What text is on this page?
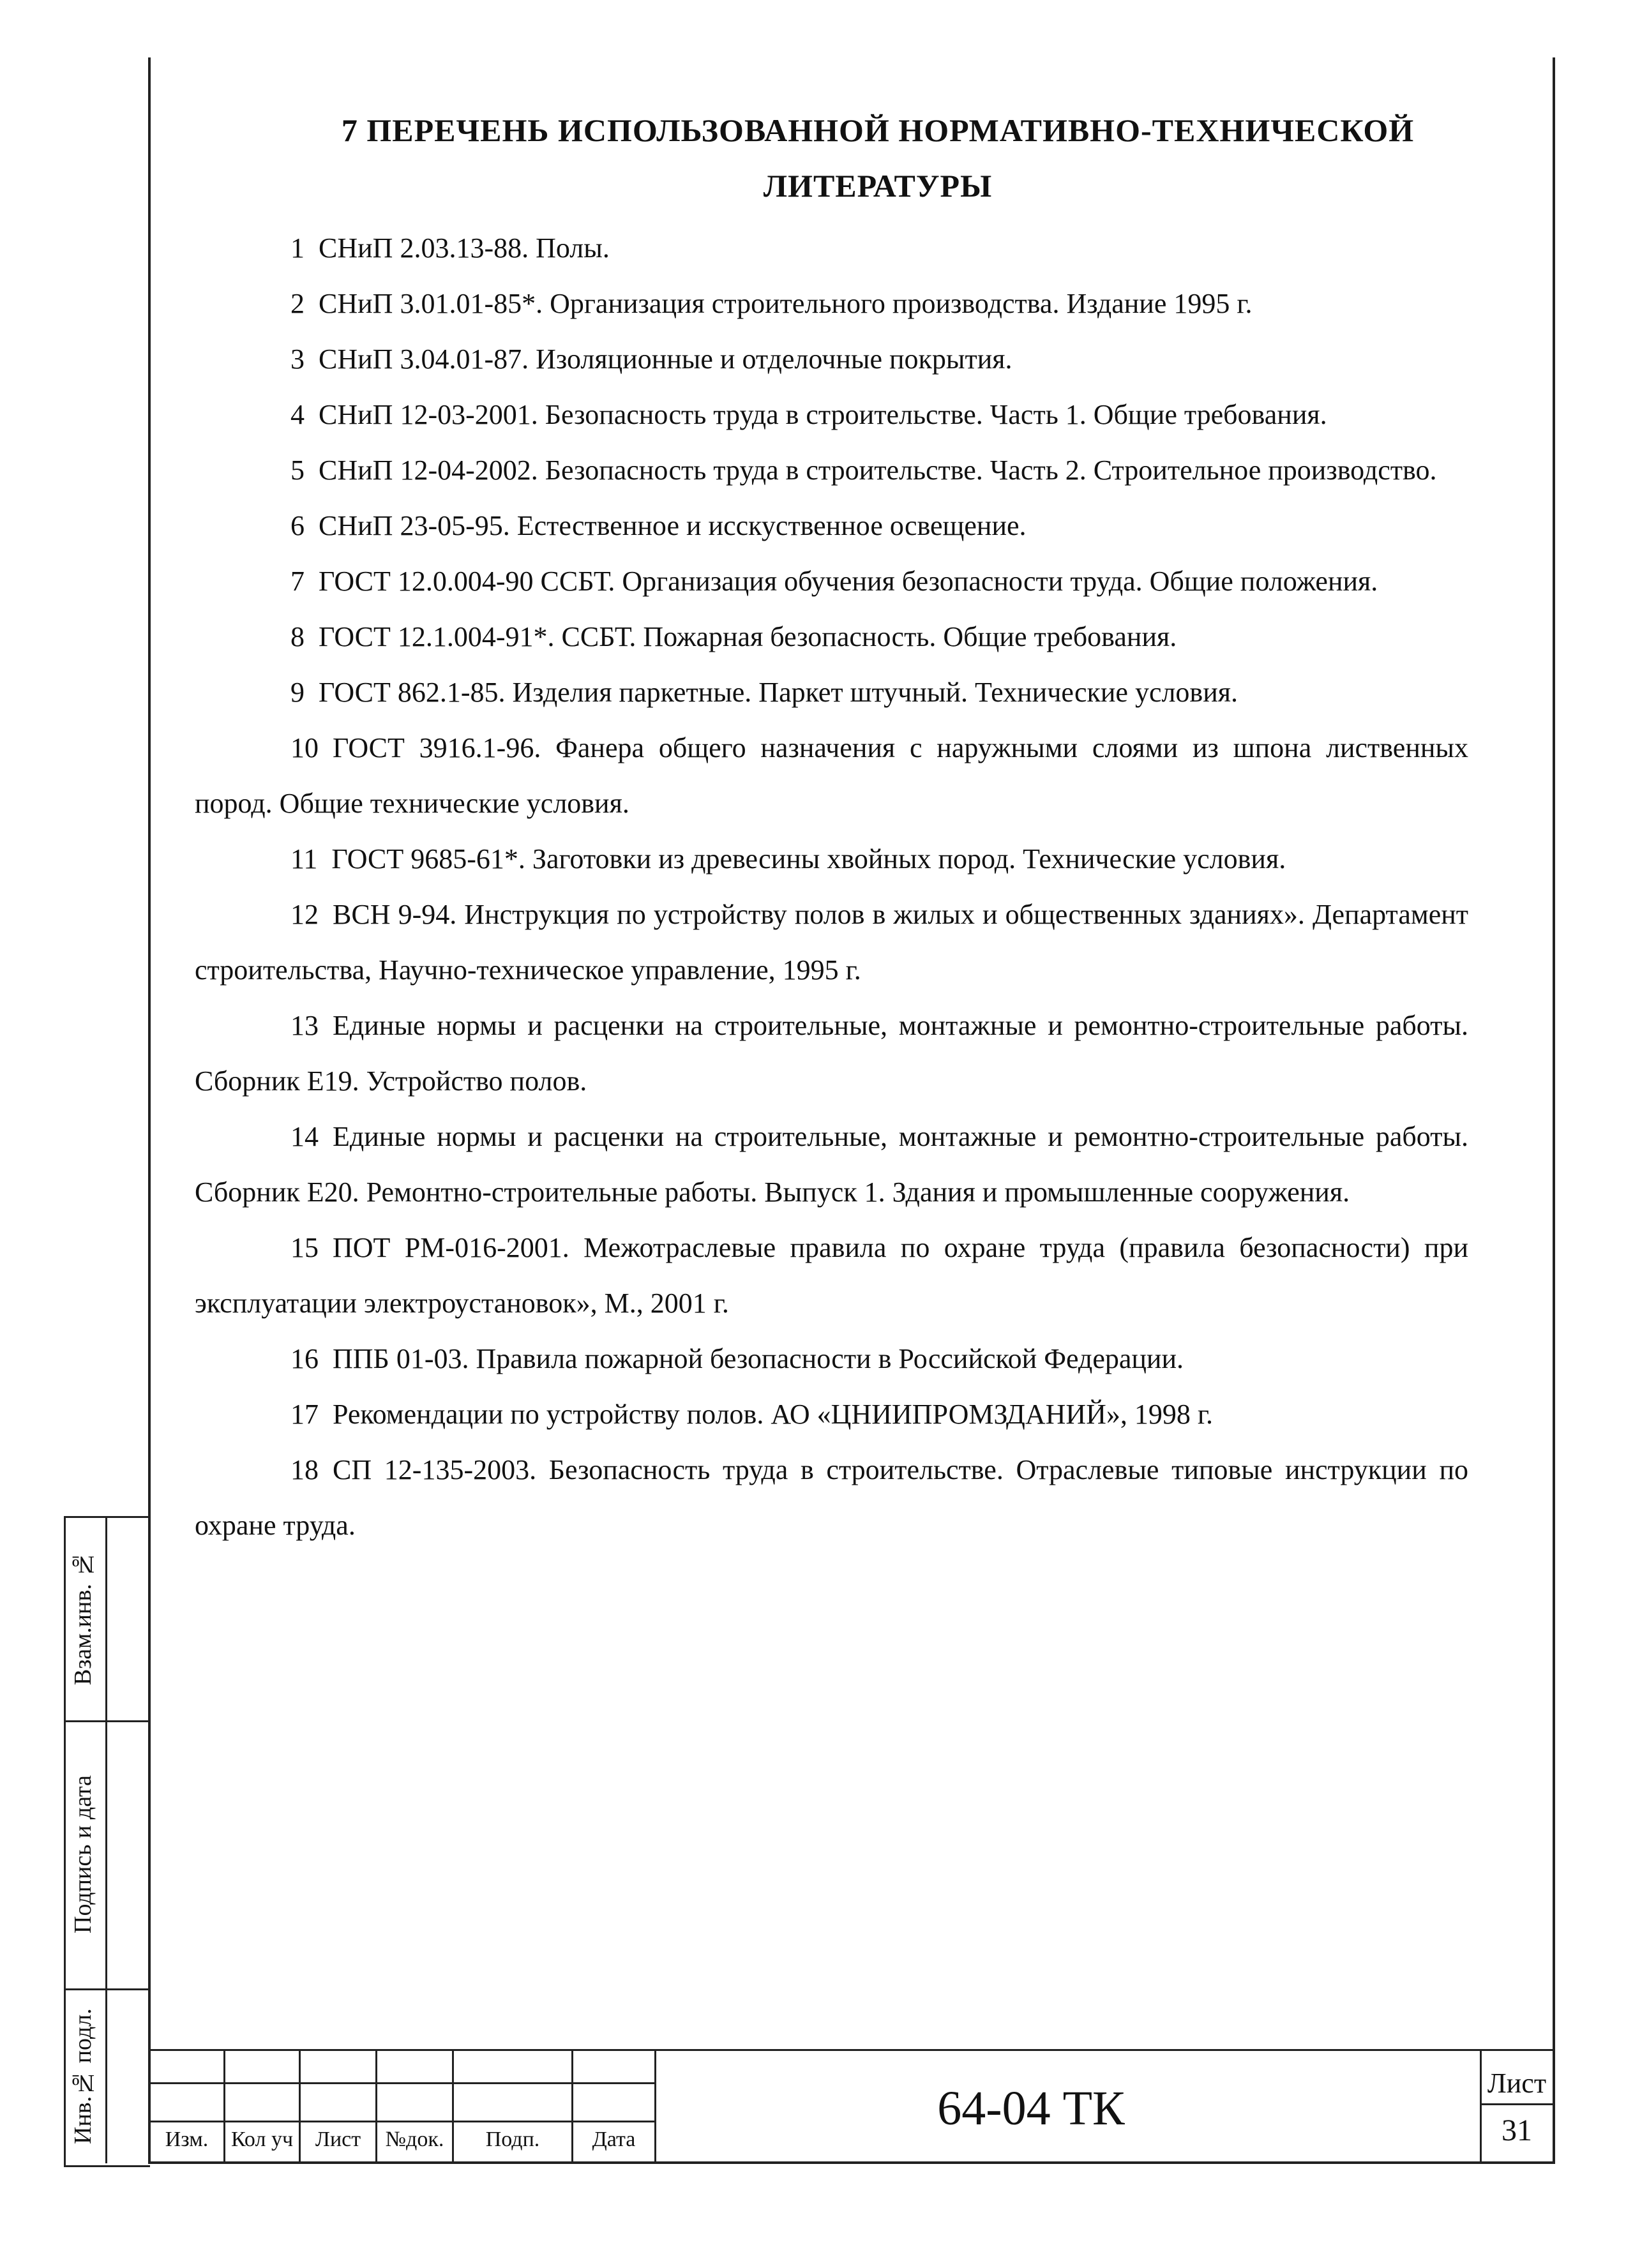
7 ПЕРЕЧЕНЬ ИСПОЛЬЗОВАННОЙ НОРМАТИВНО-ТЕХНИЧЕСКОЙ
ЛИТЕРАТУРЫ

1 СНиП 2.03.13-88. Полы.

2 СНиП 3.01.01-85*. Организация строительного производства. Издание 1995 г.

3 СНиП 3.04.01-87. Изоляционные и отделочные покрытия.

4 СНиП 12-03-2001. Безопасность труда в строительстве. Часть 1. Общие требования.

5 СНиП 12-04-2002. Безопасность труда в строительстве. Часть 2. Строительное производство.

6 СНиП 23-05-95. Естественное и исскуственное освещение.

7 ГОСТ 12.0.004-90 ССБТ. Организация обучения безопасности труда. Общие положения.

8 ГОСТ 12.1.004-91*. ССБТ. Пожарная безопасность. Общие требования.

9 ГОСТ 862.1-85. Изделия паркетные. Паркет штучный. Технические условия.

10 ГОСТ 3916.1-96. Фанера общего назначения с наружными слоями из шпона лиственных пород. Общие технические условия.

11 ГОСТ 9685-61*. Заготовки из древесины хвойных пород. Технические условия.

12 ВСН 9-94. Инструкция по устройству полов в жилых и общественных зданиях». Департамент строительства, Научно-техническое управление, 1995 г.

13 Единые нормы и расценки на строительные, монтажные и ремонтно-строительные работы. Сборник Е19. Устройство полов.

14 Единые нормы и расценки на строительные, монтажные и ремонтно-строительные работы. Сборник Е20. Ремонтно-строительные работы. Выпуск 1. Здания и промышленные сооружения.

15 ПОТ РМ-016-2001. Межотраслевые правила по охране труда (правила безопасности) при эксплуатации электроустановок», М., 2001 г.

16 ППБ 01-03. Правила пожарной безопасности в Российской Федерации.

17 Рекомендации по устройству полов. АО «ЦНИИПРОМЗДАНИЙ», 1998 г.

18 СП 12-135-2003. Безопасность труда в строительстве. Отраслевые типовые инструкции по охране труда.

Взам.инв. №
Подпись и дата
Инв.№ подл.	Изм.	Кол уч	Лист	№док.	Подп.	Дата
64-04 ТК	Лист
31
